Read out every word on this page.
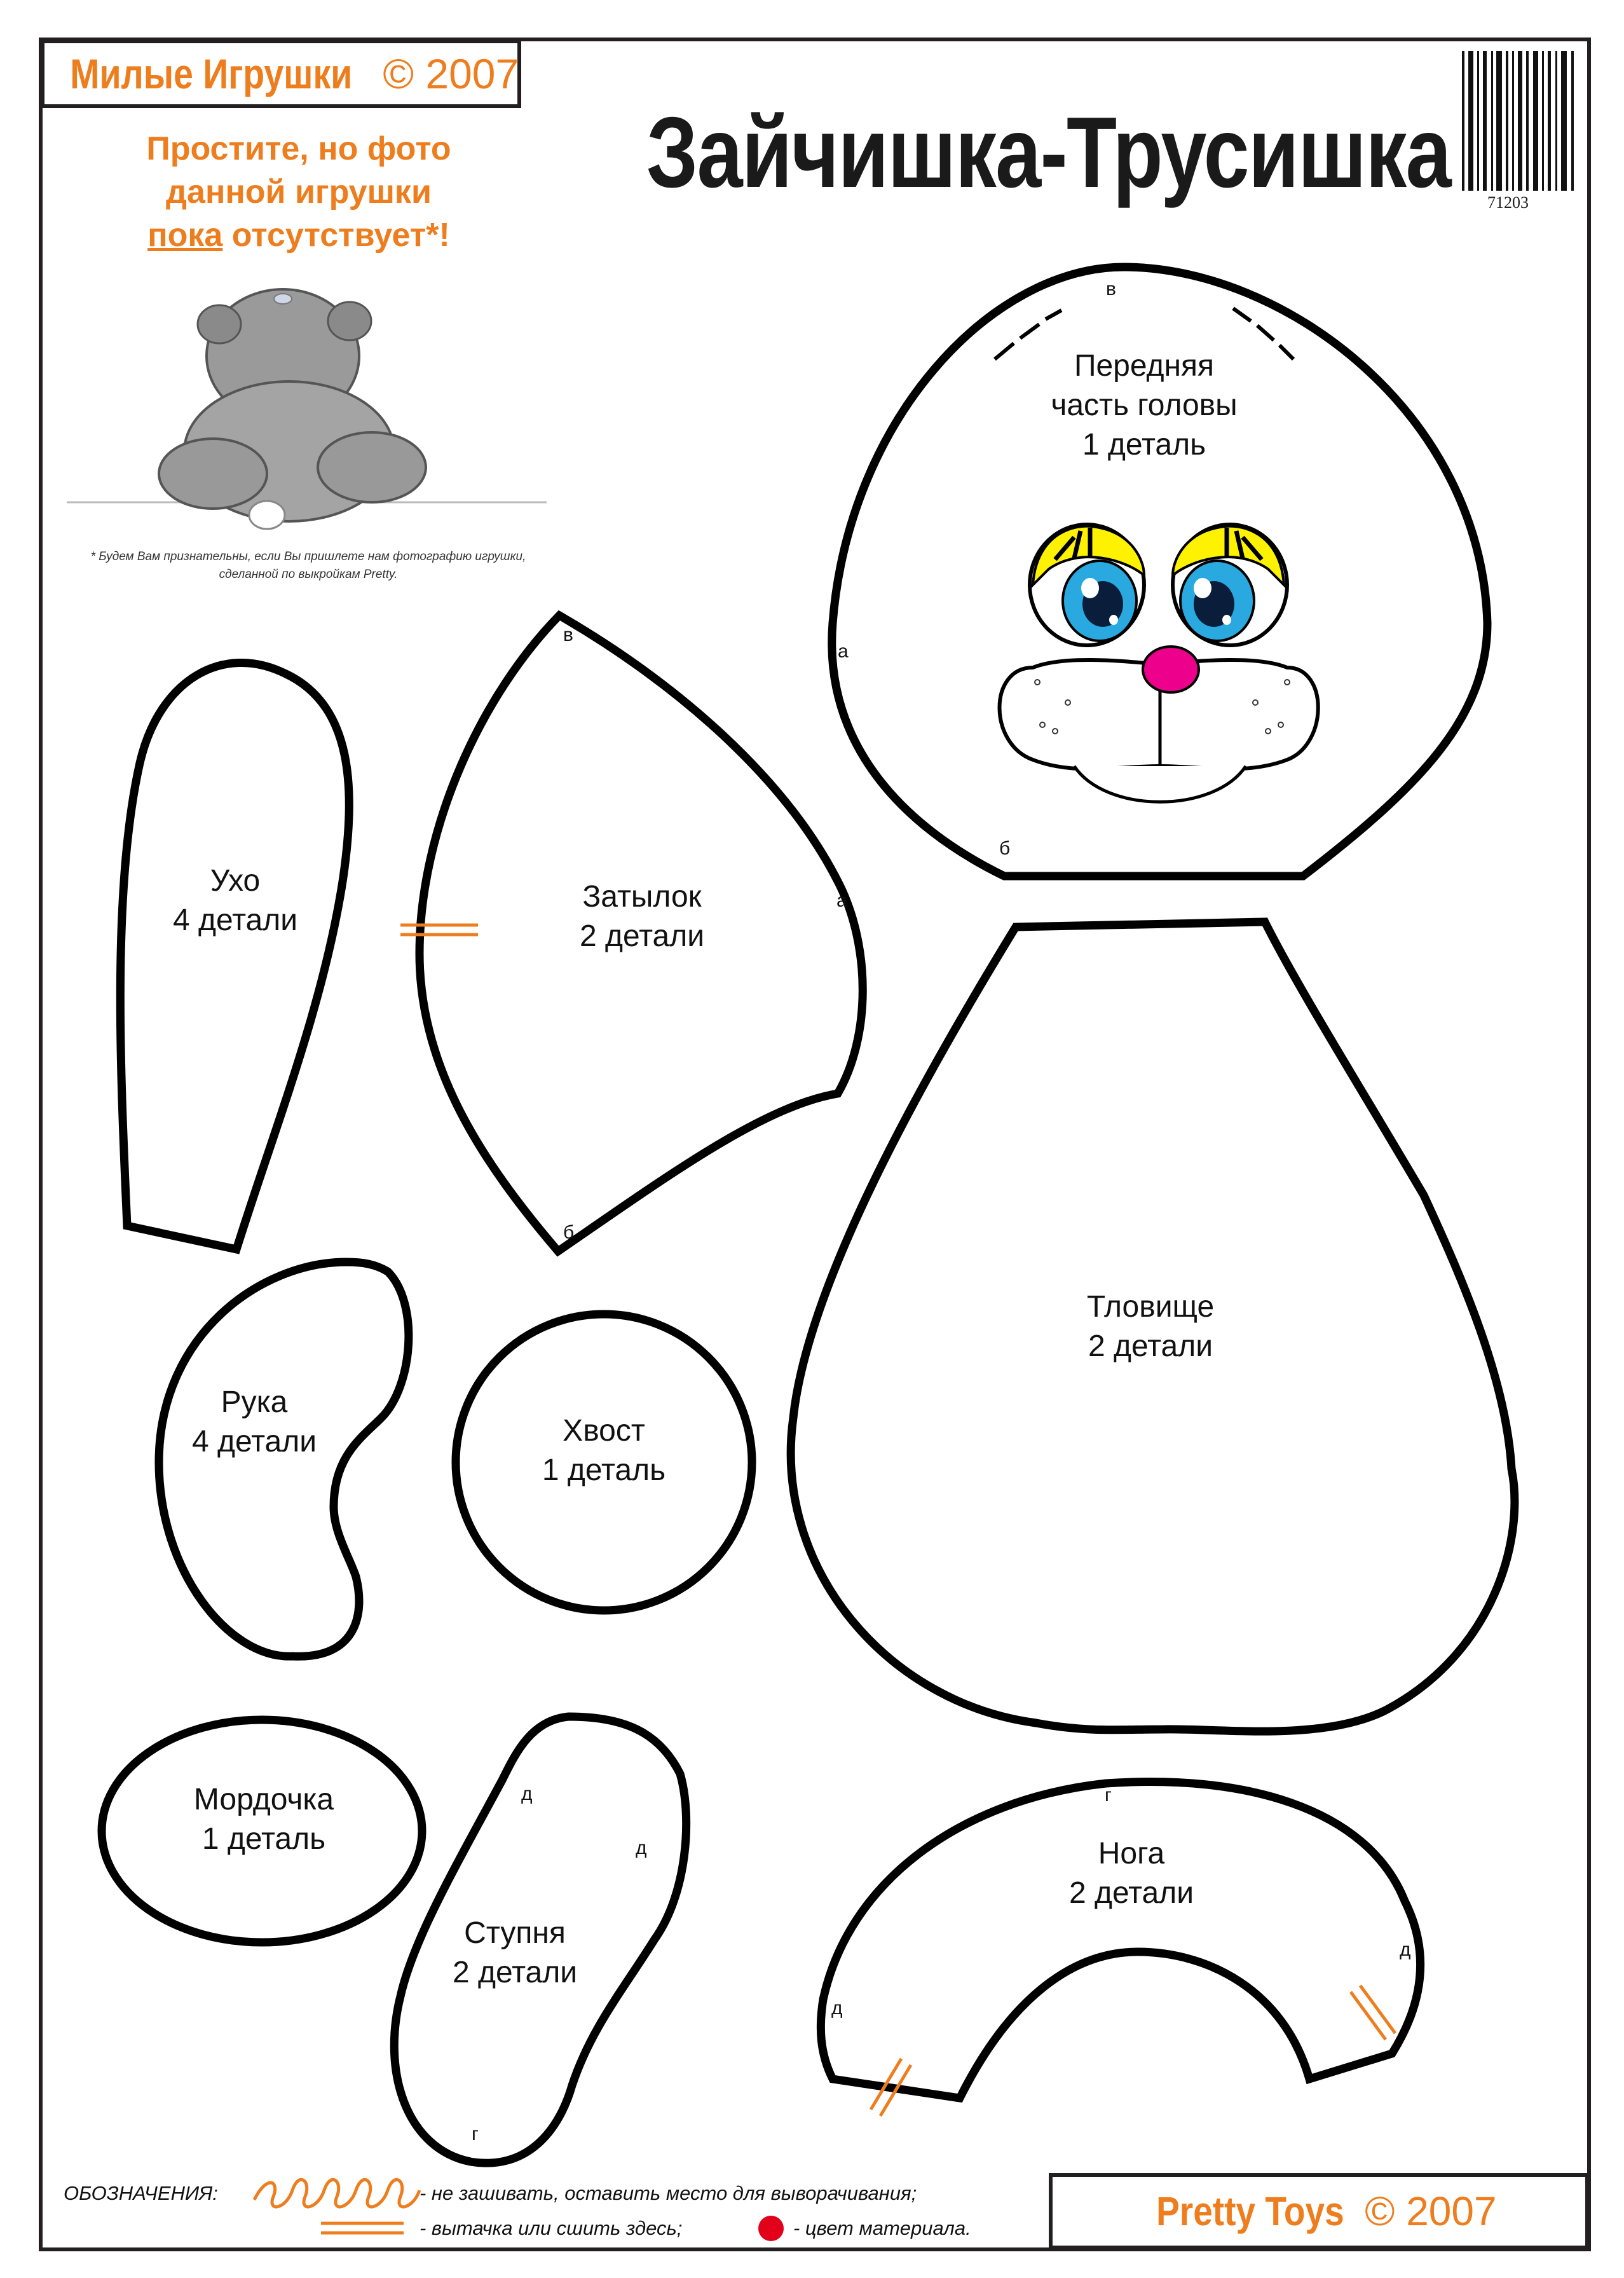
Милые Игрушки © 2007
Зайчишка-Трусишка 71203
Простите, но фото
данной игрушки
пока отсутствует*!
* Будем Вам признательны, если Вы пришлете нам фотографию игрушки,
сделанной по выкройкам Pretty.
Передняя
часть головы
1 деталь
Ухо
4 детали
Затылок
2 детали
Тловище
2 детали
Рука
4 детали	Хвост
1 деталь
Мордочка
1 деталь
Ступня
2 детали
Нога
2 детали
в
а
б
в
а
б
д
д
г
г
д
д
ОБОЗНАЧЕНИЯ:	- не зашивать, оставить место для выворачивания;
- вытачка или сшить здесь;	- цвет материала.	Pretty Toys © 2007
